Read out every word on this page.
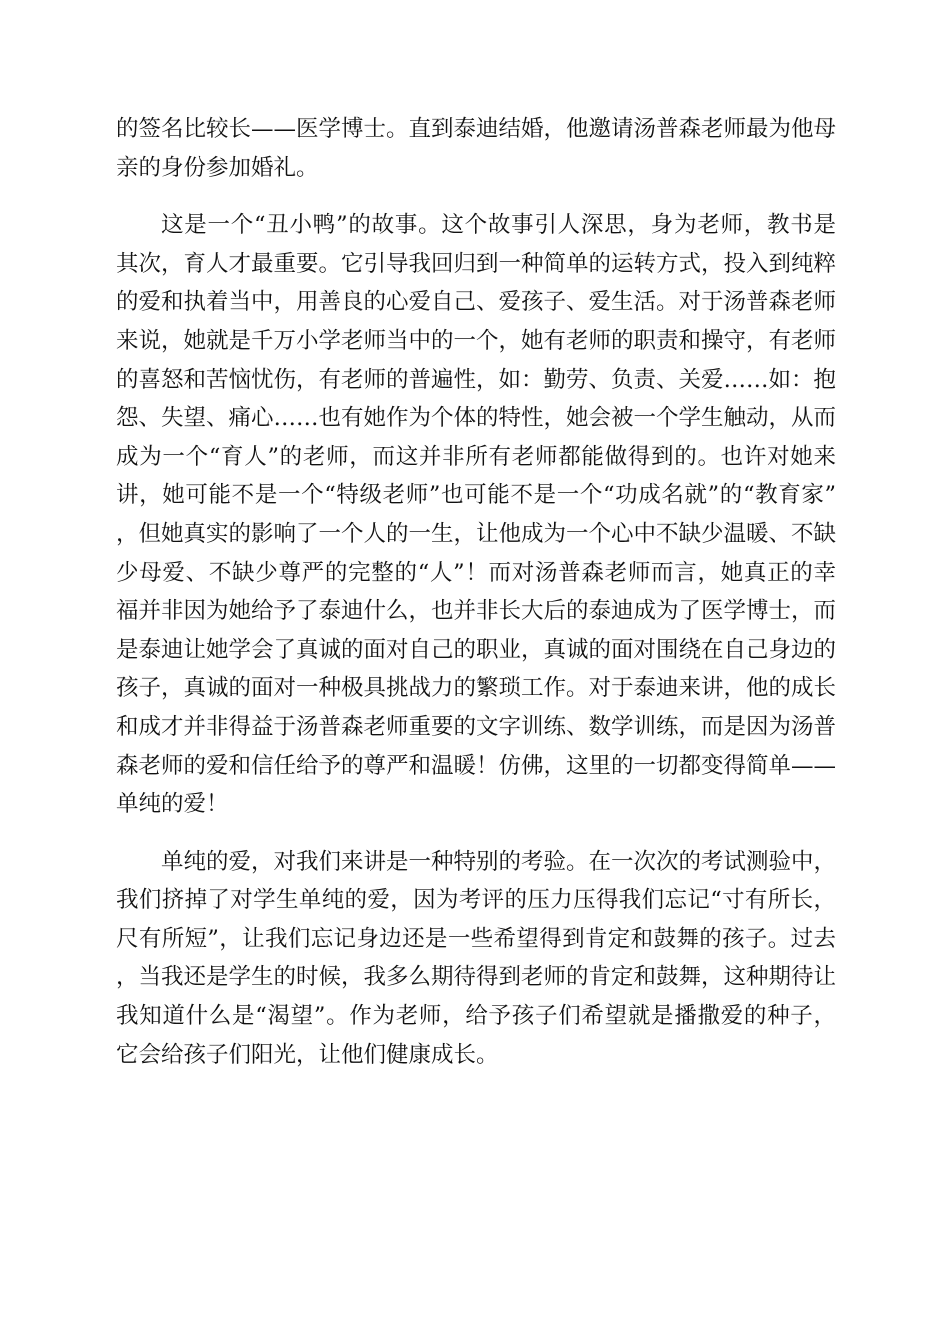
的签名比较长——医学博士。直到泰迪结婚，他邀请汤普森老师最为他母亲的身份参加婚礼。

这是一个“丑小鸭”的故事。这个故事引人深思，身为老师，教书是其次，育人才最重要。它引导我回归到一种简单的运转方式，投入到纯粹的爱和执着当中，用善良的心爱自己、爱孩子、爱生活。对于汤普森老师来说，她就是千万小学老师当中的一个，她有老师的职责和操守，有老师的喜怒和苦恼忧伤，有老师的普遍性，如：勤劳、负责、关爱……如：抱怨、失望、痛心……也有她作为个体的特性，她会被一个学生触动，从而成为一个“育人”的老师，而这并非所有老师都能做得到的。也许对她来讲，她可能不是一个“特级老师”也可能不是一个“功成名就”的“教育家”，但她真实的影响了一个人的一生，让他成为一个心中不缺少温暖、不缺少母爱、不缺少尊严的完整的“人”！而对汤普森老师而言，她真正的幸福并非因为她给予了泰迪什么，也并非长大后的泰迪成为了医学博士，而是泰迪让她学会了真诚的面对自己的职业，真诚的面对围绕在自己身边的孩子，真诚的面对一种极具挑战力的繁琐工作。对于泰迪来讲，他的成长和成才并非得益于汤普森老师重要的文字训练、数学训练，而是因为汤普森老师的爱和信任给予的尊严和温暖！仿佛，这里的一切都变得简单——单纯的爱！

单纯的爱，对我们来讲是一种特别的考验。在一次次的考试测验中，我们挤掉了对学生单纯的爱，因为考评的压力压得我们忘记“寸有所长，尺有所短”，让我们忘记身边还是一些希望得到肯定和鼓舞的孩子。过去，当我还是学生的时候，我多么期待得到老师的肯定和鼓舞，这种期待让我知道什么是“渴望”。作为老师，给予孩子们希望就是播撒爱的种子，它会给孩子们阳光，让他们健康成长。
